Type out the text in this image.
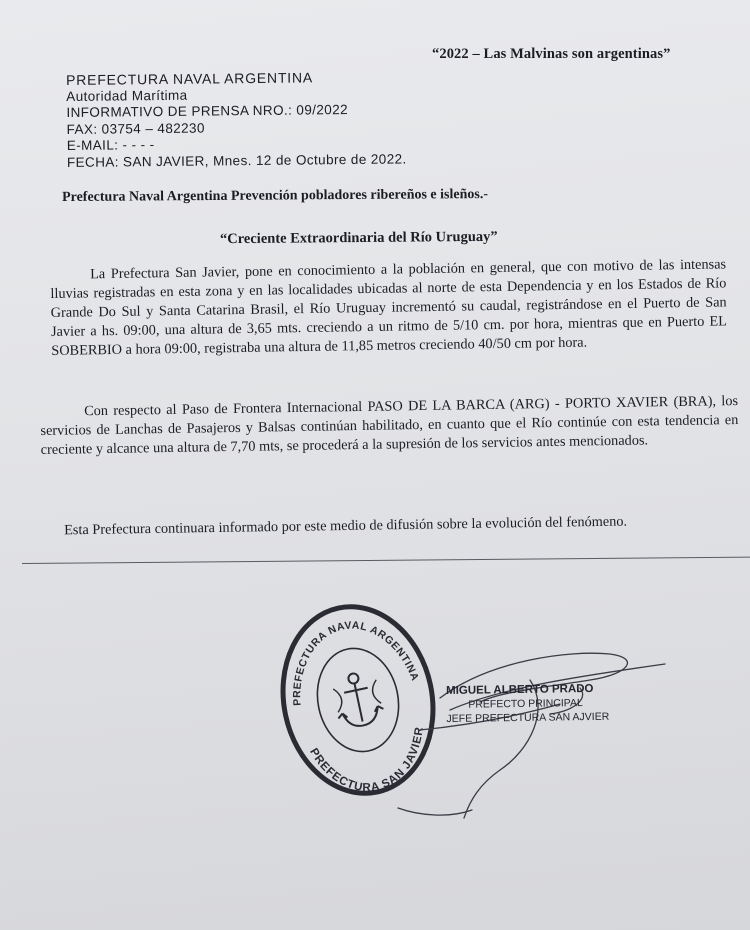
“2022 – Las Malvinas son argentinas”
PREFECTURA NAVAL ARGENTINA
Autoridad Marítima
INFORMATIVO DE PRENSA NRO.: 09/2022
FAX: 03754 – 482230
E-MAIL: - - - -
FECHA: SAN JAVIER, Mnes. 12 de Octubre de 2022.
Prefectura Naval Argentina Prevención pobladores ribereños e isleños.-
“Creciente Extraordinaria del Río Uruguay”
La Prefectura San Javier, pone en conocimiento a la población en general, que con motivo de las intensas lluvias registradas en esta zona y en las localidades ubicadas al norte de esta Dependencia y en los Estados de Río Grande Do Sul y Santa Catarina Brasil, el Río Uruguay incrementó su caudal, registrándose en el Puerto de San Javier a hs. 09:00, una altura de 3,65 mts. creciendo a un ritmo de 5/10 cm. por hora, mientras que en Puerto EL SOBERBIO a hora 09:00, registraba una altura de 11,85 metros creciendo 40/50 cm por hora.
Con respecto al Paso de Frontera Internacional PASO DE LA BARCA (ARG) - PORTO XAVIER (BRA), los servicios de Lanchas de Pasajeros y Balsas continúan habilitado, en cuanto que el Río continúe con esta tendencia en creciente y alcance una altura de 7,70 mts, se procederá a la supresión de los servicios antes mencionados.
Esta Prefectura continuara informado por este medio de difusión sobre la evolución del fenómeno.
PREFECTURA NAVAL ARGENTINA
PREFECTURA SAN JAVIER
MIGUEL ALBERTO PRADO
PREFECTO PRINCIPAL
JEFE PREFECTURA SAN AJVIER
